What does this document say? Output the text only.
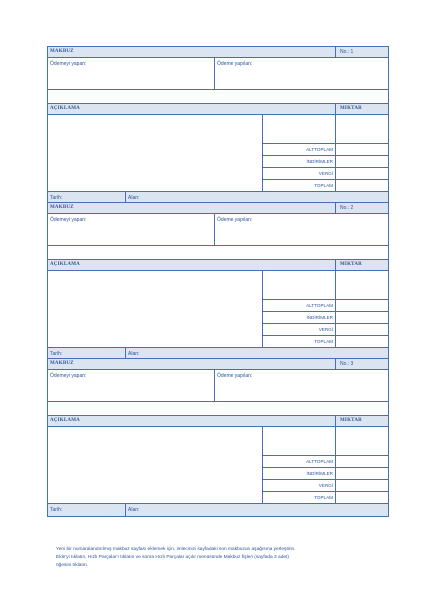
MAKBUZ	No.: 1
Ödemeyi yapan:	Ödeme yapılan:
AÇIKLAMA	MIKTAR
ALTTOPLAM
İNDİRİMLER
VERGİ
TOPLAM
Tarih:	Alan:
MAKBUZ	No.: 2
Ödemeyi yapan:	Ödeme yapılan:
AÇIKLAMA	MIKTAR
ALTTOPLAM
İNDİRİMLER
VERGİ
TOPLAM
Tarih:	Alan:
MAKBUZ	No.: 3
Ödemeyi yapan:	Ödeme yapılan:
AÇIKLAMA	MIKTAR
ALTTOPLAM
İNDİRİMLER
VERGİ
TOPLAM
Tarih:	Alan:

Yeni bir numaralandırılmış makbuz sayfası eklemek için, imlecinizi sayfadaki son makbuzun aşağısına yerleştirin.

Ekle'yi tıklatın, Hızlı Parçalar'ı tıklatın ve sonra Hızlı Parçalar açılır menüsünde Makbuz fişleri (sayfada 3 adet)

öğesini tıklatın.
